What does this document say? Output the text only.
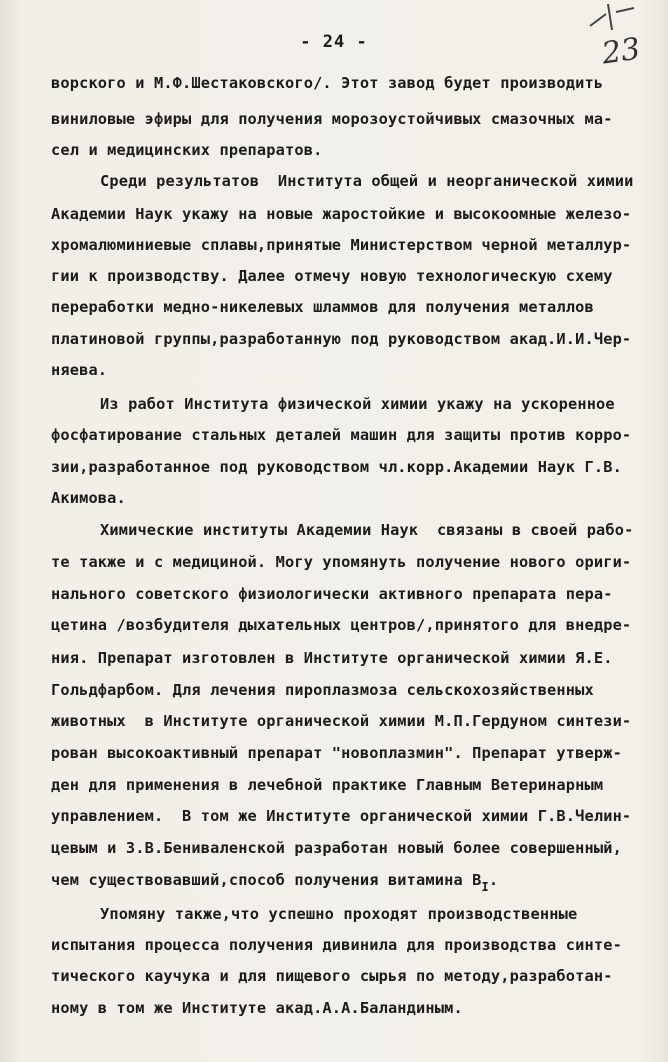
23
- 24 -
ворского и М.Ф.Шестаковского/. Этот завод будет производить
виниловые эфиры для получения морозоустойчивых смазочных ма-
сел и медицинских препаратов.
Среди результатов  Института общей и неорганической химии
Академии Наук укажу на новые жаростойкие и высокоомные железо-
хромалюминиевые сплавы,принятые Министерством черной металлур-
гии к производству. Далее отмечу новую технологическую схему
переработки медно-никелевых шламмов для получения металлов
платиновой группы,разработанную под руководством акад.И.И.Чер-
няева.
Из работ Института физической химии укажу на ускоренное
фосфатирование стальных деталей машин для защиты против корро-
зии,разработанное под руководством чл.корр.Академии Наук Г.В.
Акимова.
Химические институты Академии Наук  связаны в своей рабо-
те также и с медициной. Могу упомянуть получение нового ориги-
нального советского физиологически активного препарата пера-
цетина /возбудителя дыхательных центров/,принятого для внедре-
ния. Препарат изготовлен в Институте органической химии Я.Е.
Гольдфарбом. Для лечения пироплазмоза сельскохозяйственных
животных  в Институте органической химии М.П.Гердуном синтези-
рован высокоактивный препарат "новоплазмин". Препарат утверж-
ден для применения в лечебной практике Главным Ветеринарным
управлением.  В том же Институте органической химии Г.В.Челин-
цевым и З.В.Бенивалeнской разработан новый более совершенный,
чем существовавший,способ получения витамина $В_I$.
Упомяну также,что успешно проходят производственные
испытания процесса получения дивинила для производства синте-
тического каучука и для пищевого сырья по методу,разработан-
ному в том же Институте акад.А.А.Баландиным.
